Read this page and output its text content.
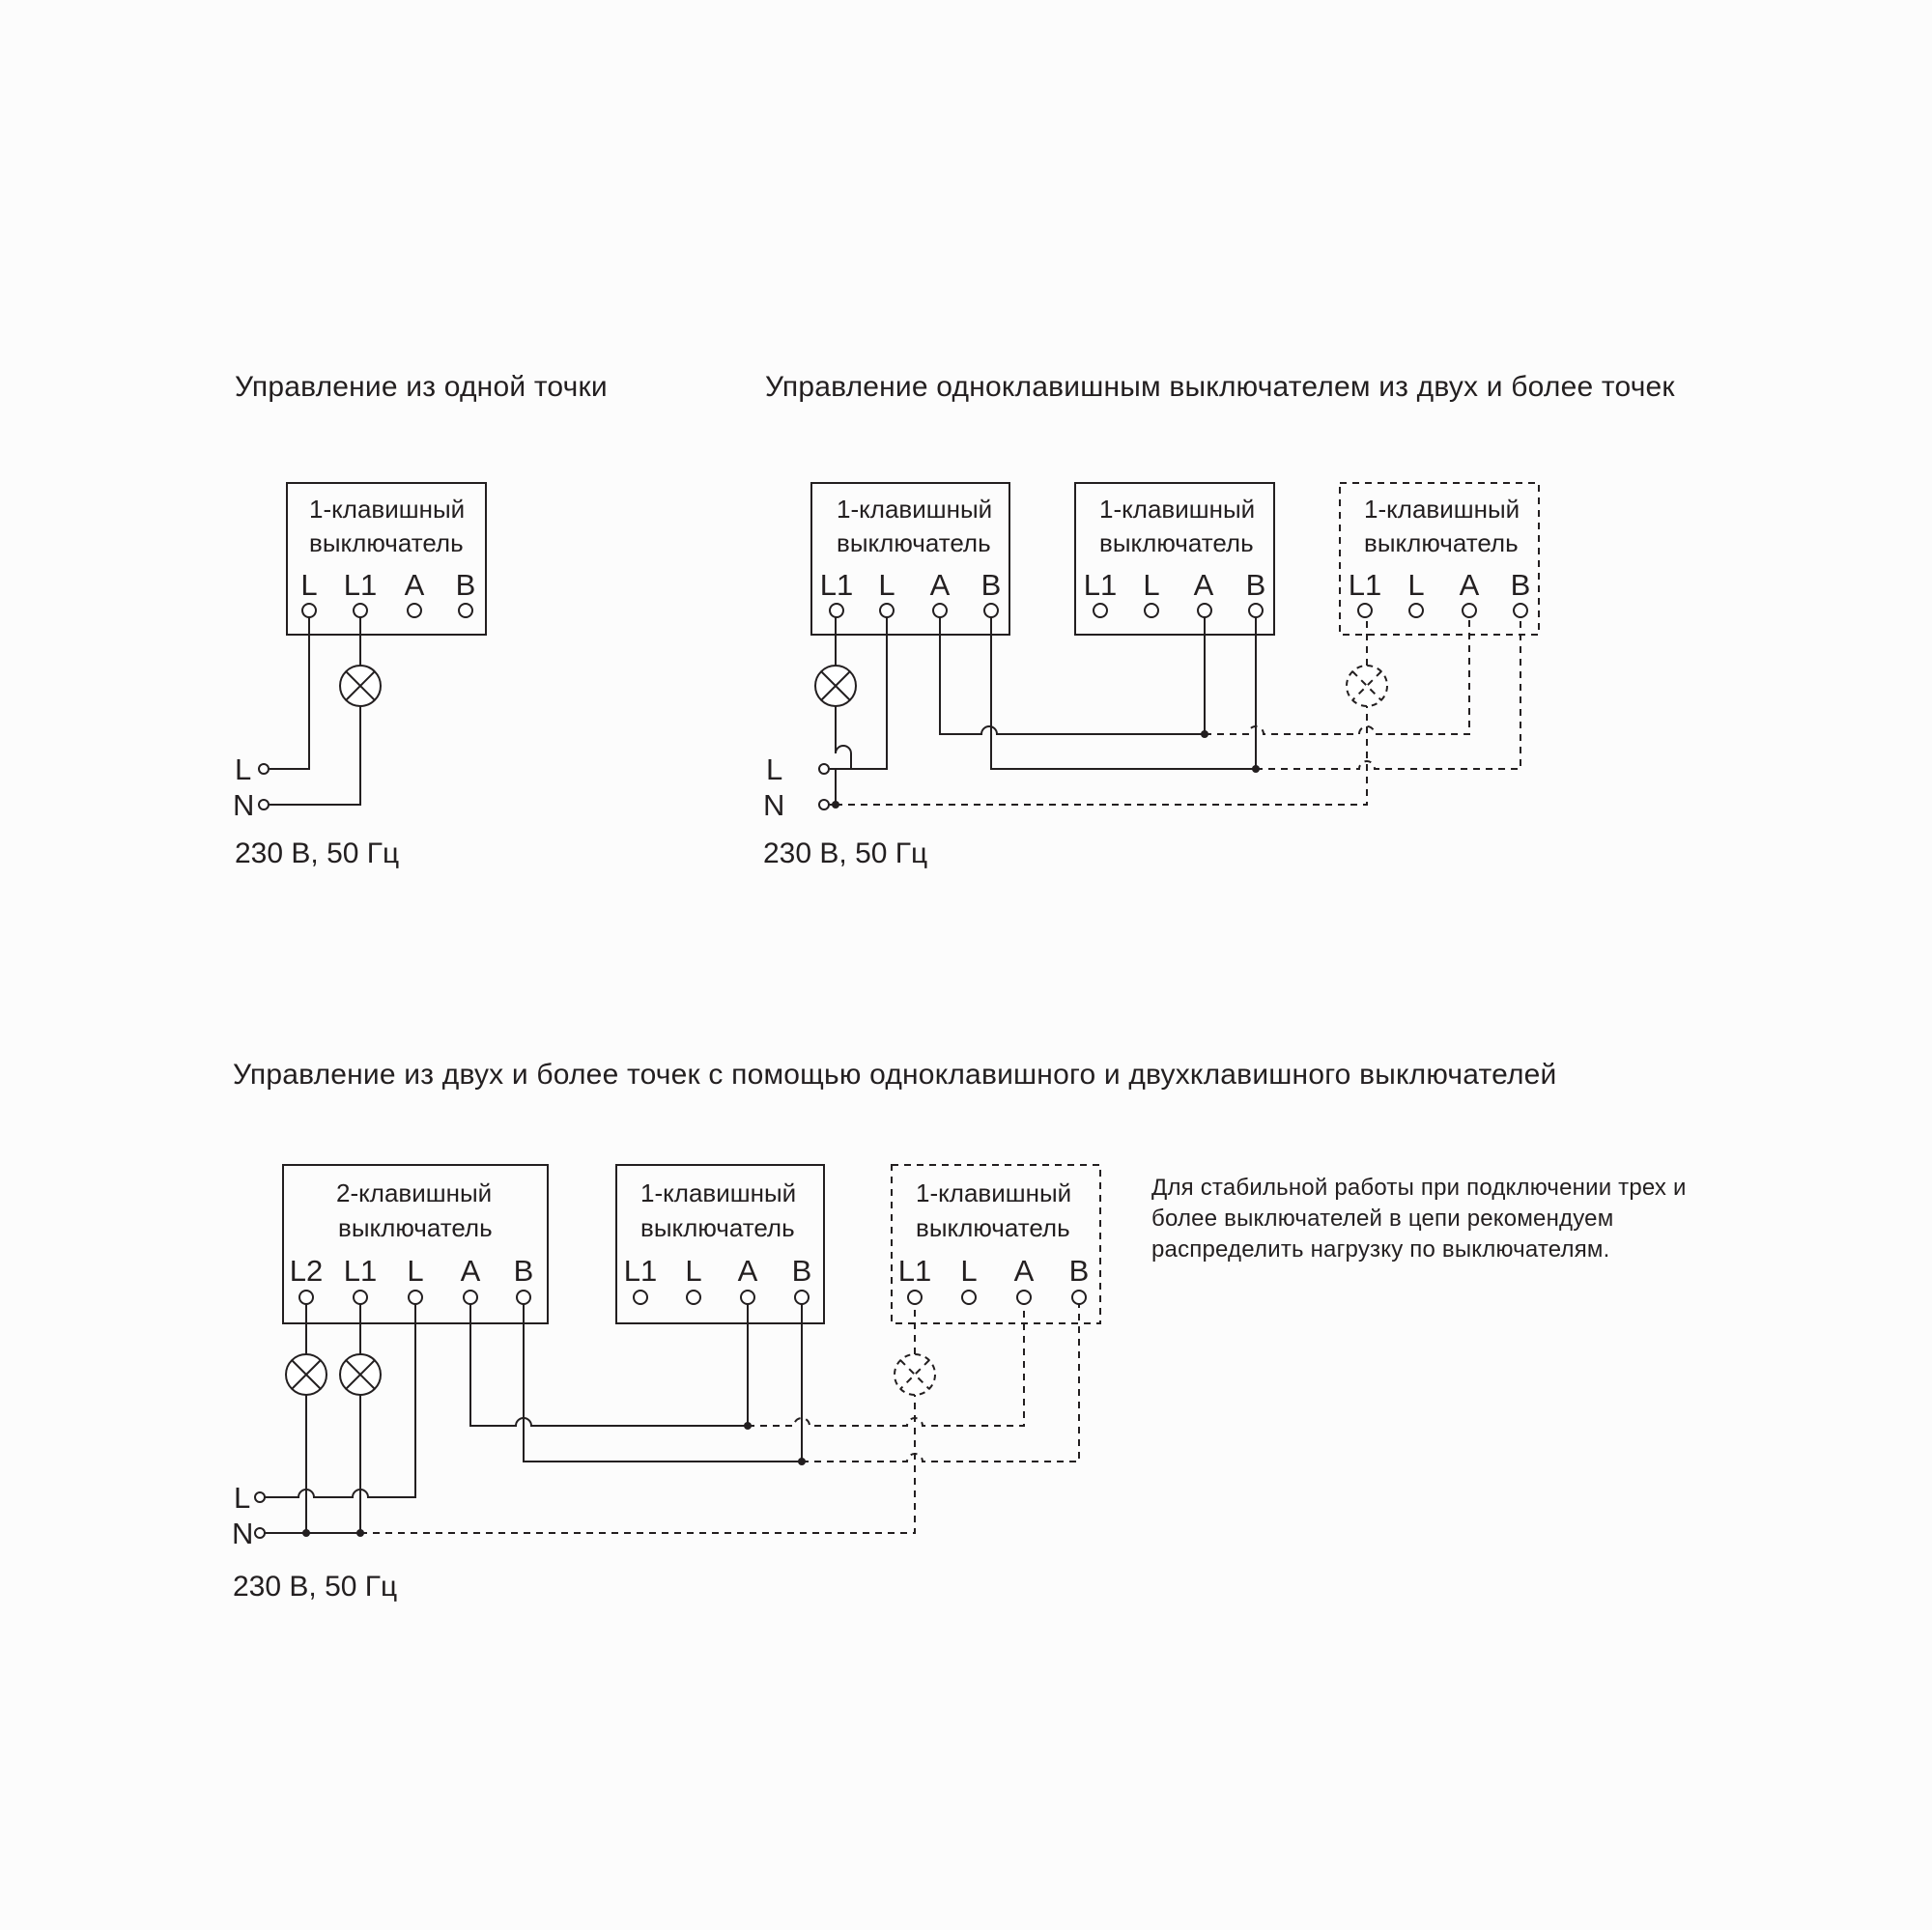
Управление из одной точки	Управление одноклавишным выключателем из двух и более точек
Управление из двух и более точек с помощью одноклавишного и двухклавишного выключателей
230 В, 50 Гц	230 В, 50 Гц
230 В, 50 Гц
Для стабильной работы при подключении трех и
более выключателей в цепи рекомендуем
распределить нагрузку по выключателям.
1-клавишный
выключатель
L L1 A B
L
N
1-клавишный
выключатель
1-клавишный
выключатель
1-клавишный
выключатель
L1 L A B	L1 L A B	L1 L A B
L
N
2-клавишный
выключатель
1-клавишный
выключатель
1-клавишный
выключатель
L2 L1 L A B	L1 L A B	L1 L A B
L
N
